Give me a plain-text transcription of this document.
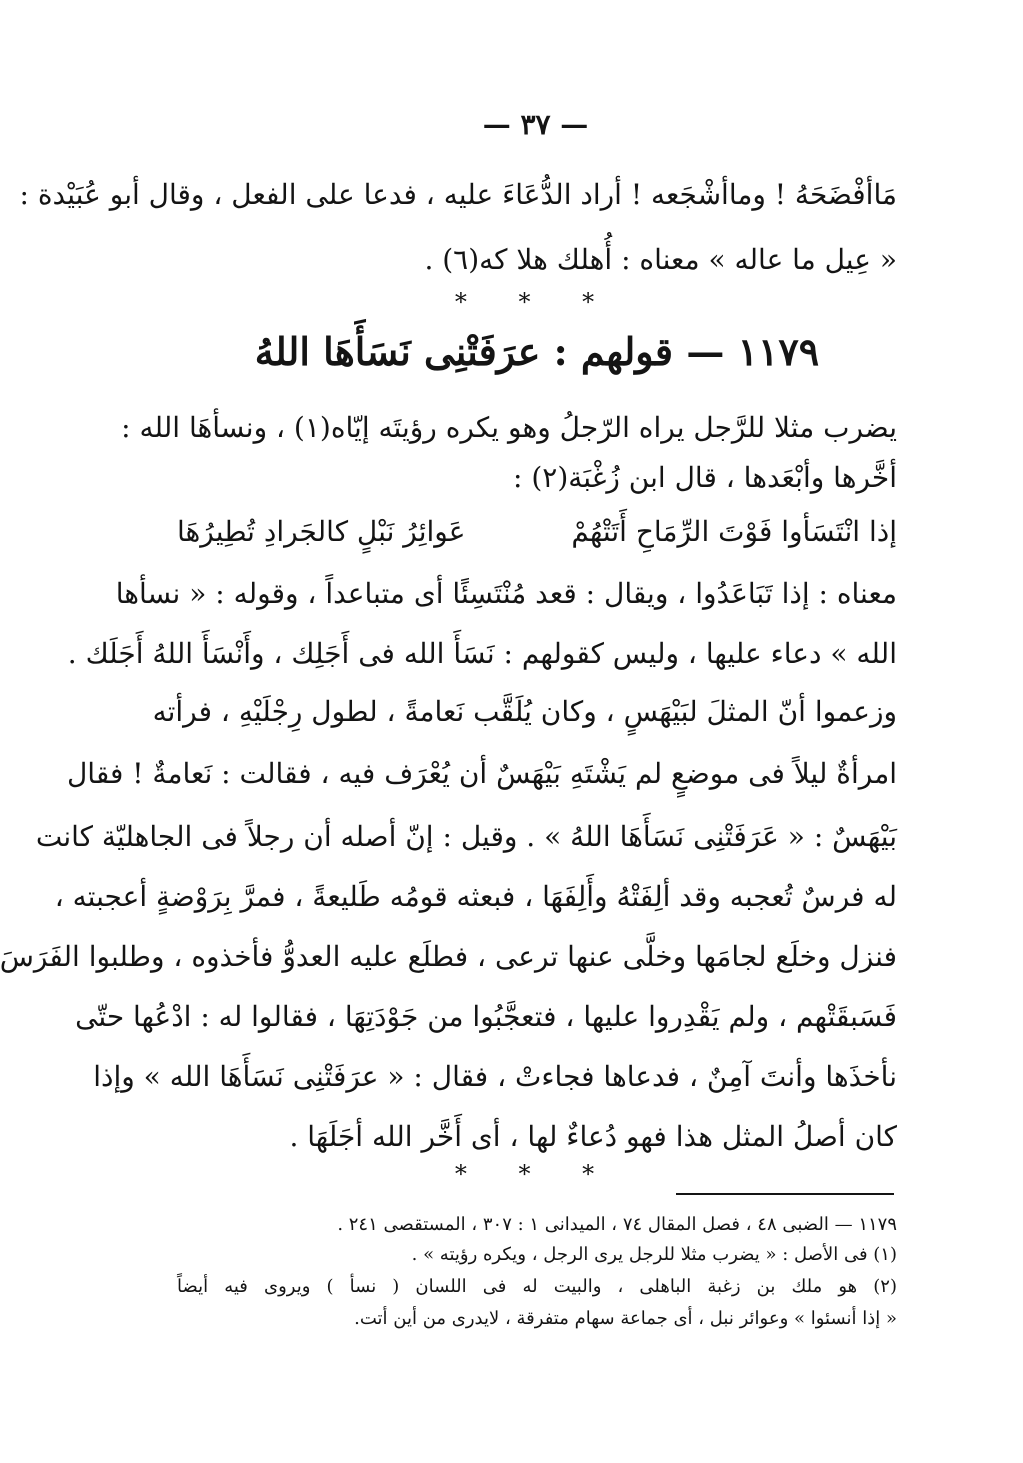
— ٣٧ —
مَاأفْضَحَهُ ! وماأشْجَعه ! أراد الدُّعَاءَ عليه ، فدعا على الفعل ، وقال أبو عُبَيْدة :
« عِيل ما عاله » معناه : أُهلك هلا كه(٦) .
* * *
١١٧٩ — قولهم : عرَفَتْنِى نَسَأَهَا اللهُ
يضرب مثلا للرَّجل يراه الرّجلُ وهو يكره رؤيتَه إيّاه(١) ، ونسأهَا الله :
أخَّرها وأبْعَدها ، قال ابن زُغْبَة(٢) :
إذا انْتَسَأوا فَوْتَ الرِّمَاحِ أَتَتْهُمْ
عَوائِرُ نَبْلٍ كالجَرادِ تُطِيرُهَا
معناه : إذا تَبَاعَدُوا ، ويقال : قعد مُنْتَسِئًا أى متباعداً ، وقوله : « نسأها
الله » دعاء عليها ، وليس كقولهم : نَسَأَ الله فى أَجَلِك ، وأَنْسَأَ اللهُ أَجَلَك .
وزعموا أنّ المثلَ لبَيْهَسٍ ، وكان يُلَقَّب نَعامةً ، لطول رِجْلَيْهِ ، فرأته
امرأةٌ ليلاً فى موضعٍ لم يَشْتَهِ بَيْهَسٌ أن يُعْرَف فيه ، فقالت : نَعامةٌ ! فقال
بَيْهَسٌ : « عَرَفَتْنِى نَسَأَهَا اللهُ » . وقيل : إنّ أصله أن رجلاً فى الجاهليّة كانت
له فرسٌ تُعجبه وقد ألِفَتْهُ وأَلِفَهَا ، فبعثه قومُه طَليعةً ، فمرَّ بِرَوْضةٍ أعجبته ،
فنزل وخلَع لجامَها وخلَّى عنها ترعى ، فطلَع عليه العدوُّ فأخذوه ، وطلبوا الفَرَسَ
فَسَبقَتْهم ، ولم يَقْدِروا عليها ، فتعجَّبُوا من جَوْدَتِهَا ، فقالوا له : ادْعُها حتّى
نأخذَها وأنتَ آمِنٌ ، فدعاها فجاءتْ ، فقال : « عرَفَتْنِى نَسَأَهَا الله » وإذا
كان أصلُ المثل هذا فهو دُعاءٌ لها ، أى أَخَّر الله أجَلَهَا .
* * *
١١٧٩ — الضبى ٤٨ ، فصل المقال ٧٤ ، الميدانى ١ : ٣٠٧ ، المستقصى ٢٤١ .
(١) فى الأصل : « يضرب مثلا للرجل يرى الرجل ، ويكره رؤيته » .
(٢) هو ملك بن زغبة الباهلى ، والبيت له فى اللسان ( نسأ ) ويروى فيه أيضاً
« إذا أنسئوا » وعوائر نبل ، أى جماعة سهام متفرقة ، لايدرى من أين أتت.
